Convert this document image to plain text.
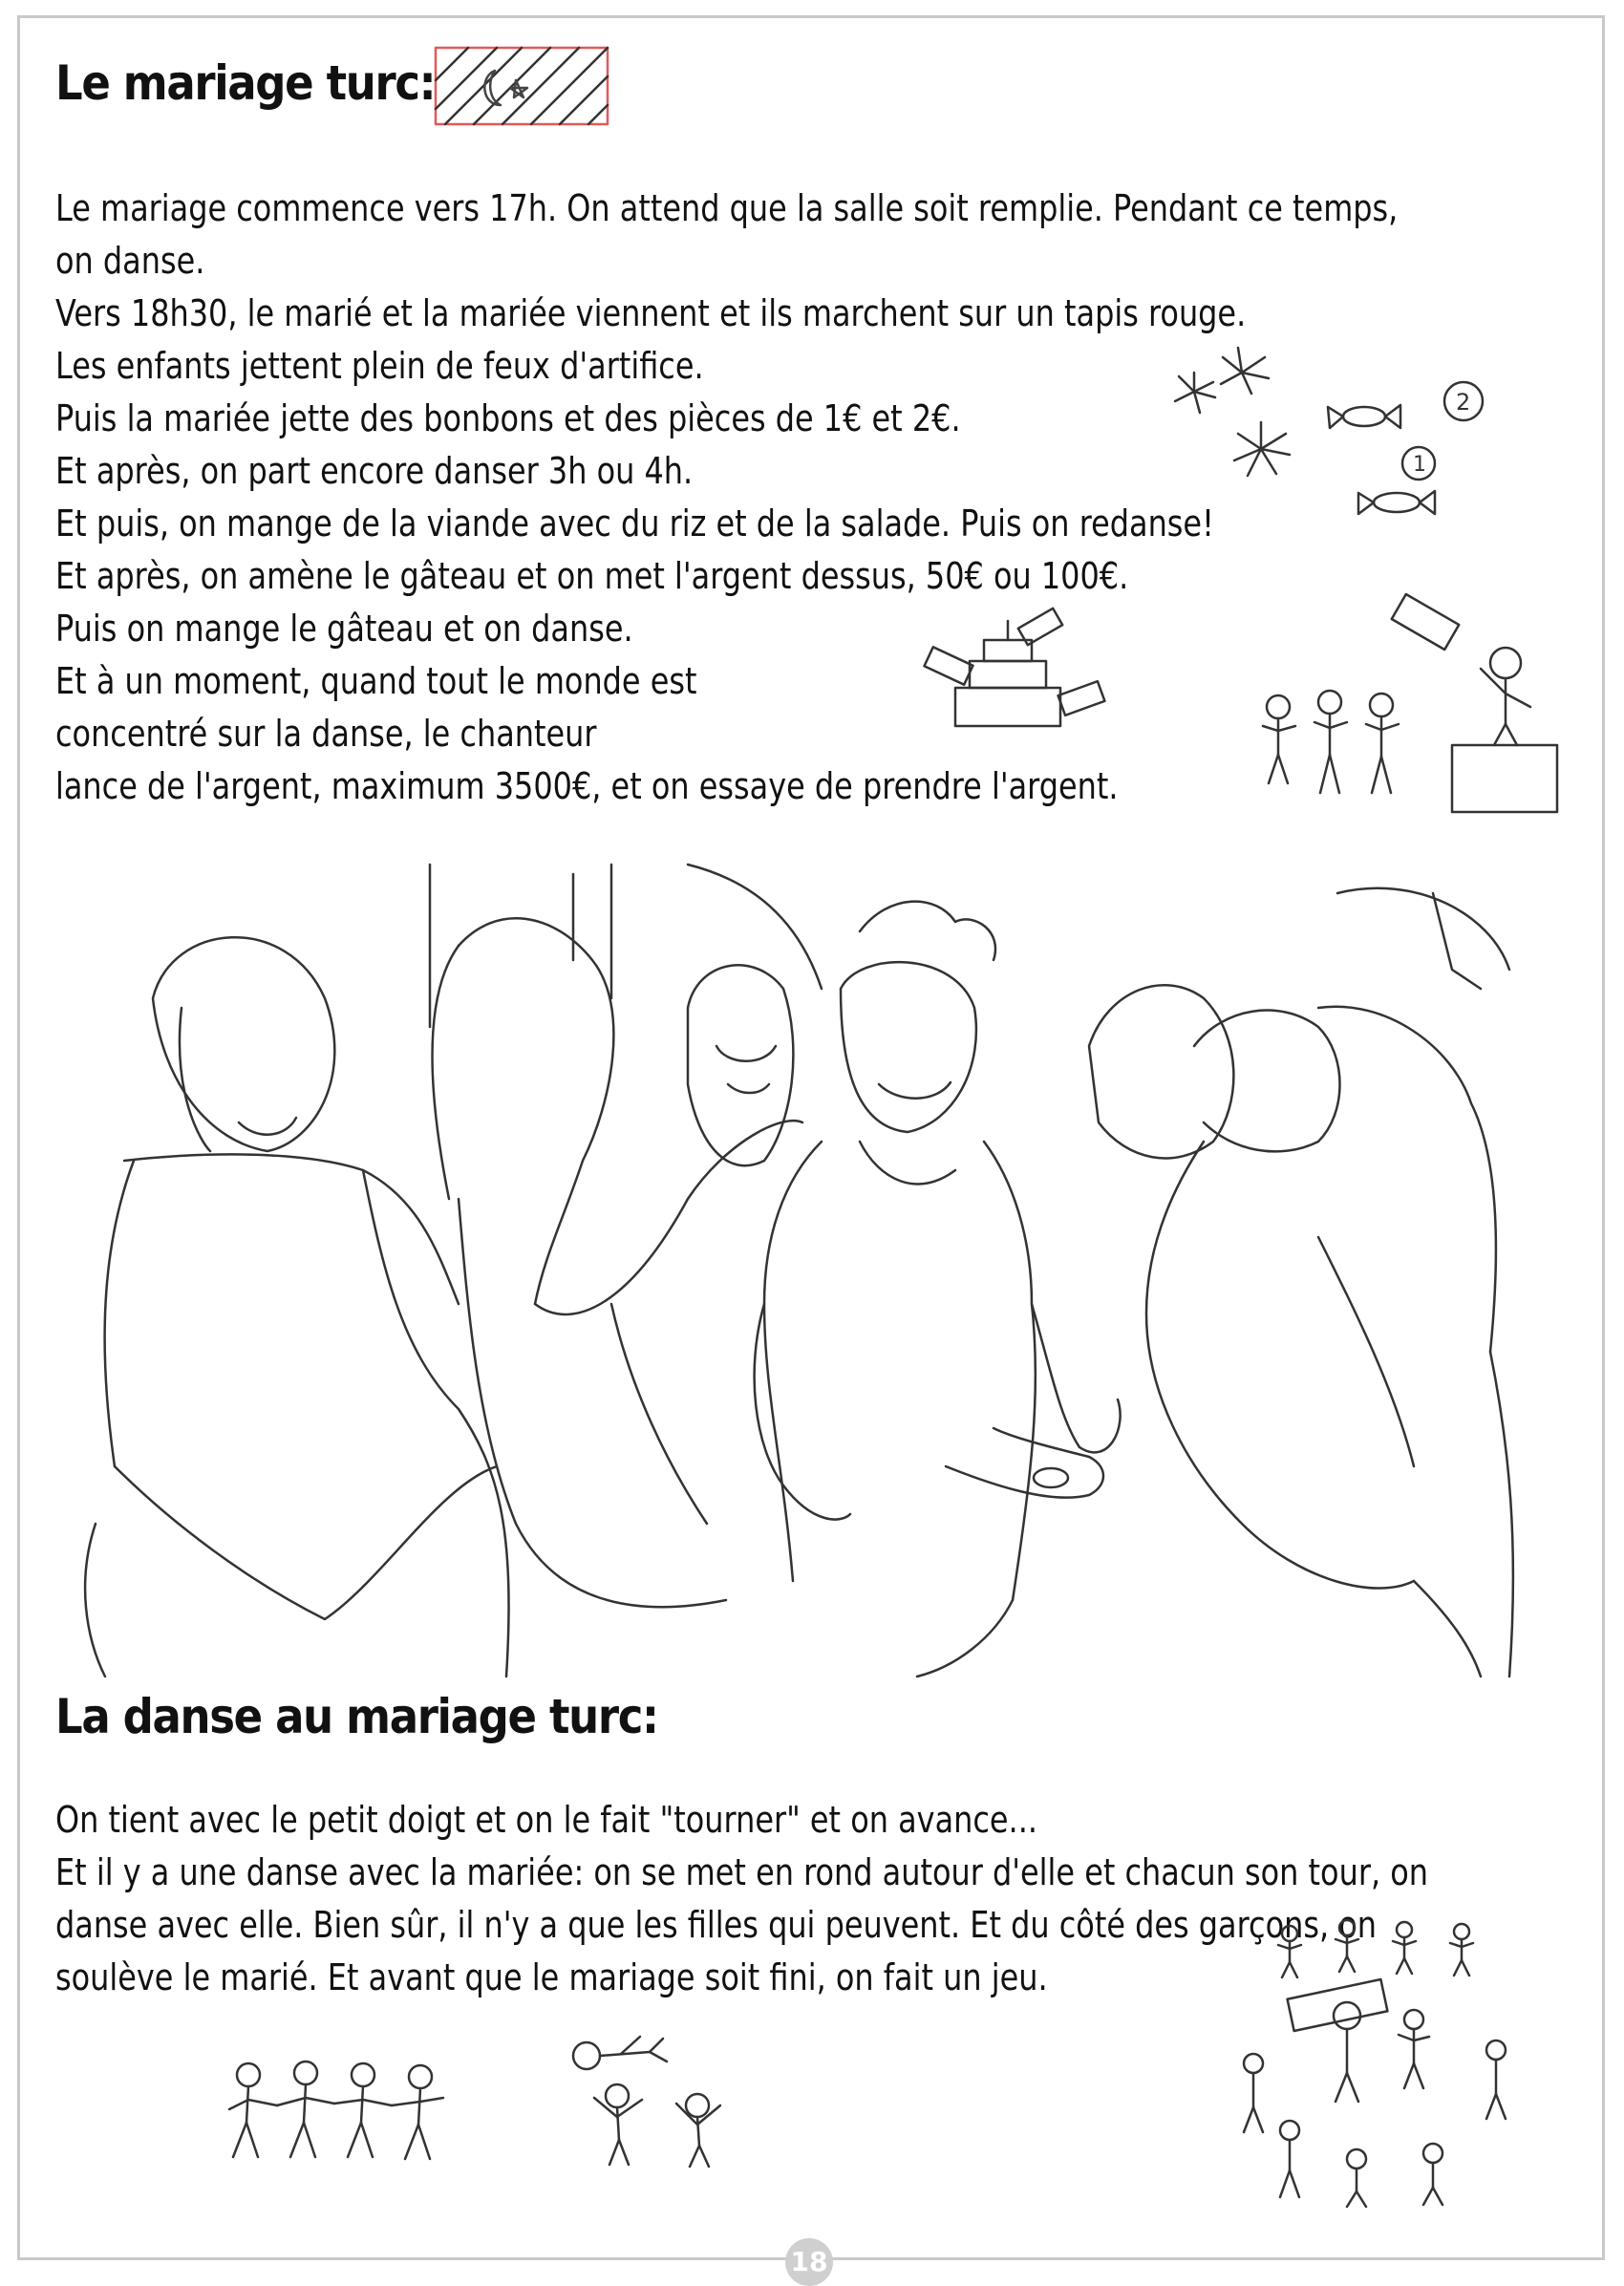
Le mariage turc:
Le mariage commence vers 17h. On attend que la salle soit remplie. Pendant ce temps,
on danse.
Vers 18h30, le marié et la mariée viennent et ils marchent sur un tapis rouge.
Les enfants jettent plein de feux d'artifice.
Puis la mariée jette des bonbons et des pièces de 1€ et 2€.
Et après, on part encore danser 3h ou 4h.
Et puis, on mange de la viande avec du riz et de la salade. Puis on redanse!
Et après, on amène le gâteau et on met l'argent dessus, 50€ ou 100€.
Puis on mange le gâteau et on danse.
Et à un moment, quand tout le monde est
concentré sur la danse, le chanteur
lance de l'argent, maximum 3500€, et on essaye de prendre l'argent.
1
2
La danse au mariage turc:
On tient avec le petit doigt et on le fait "tourner" et on avance...
Et il y a une danse avec la mariée: on se met en rond autour d'elle et chacun son tour, on
danse avec elle. Bien sûr, il n'y a que les filles qui peuvent. Et du côté des garçons, on
soulève le marié. Et avant que le mariage soit fini, on fait un jeu.
18
